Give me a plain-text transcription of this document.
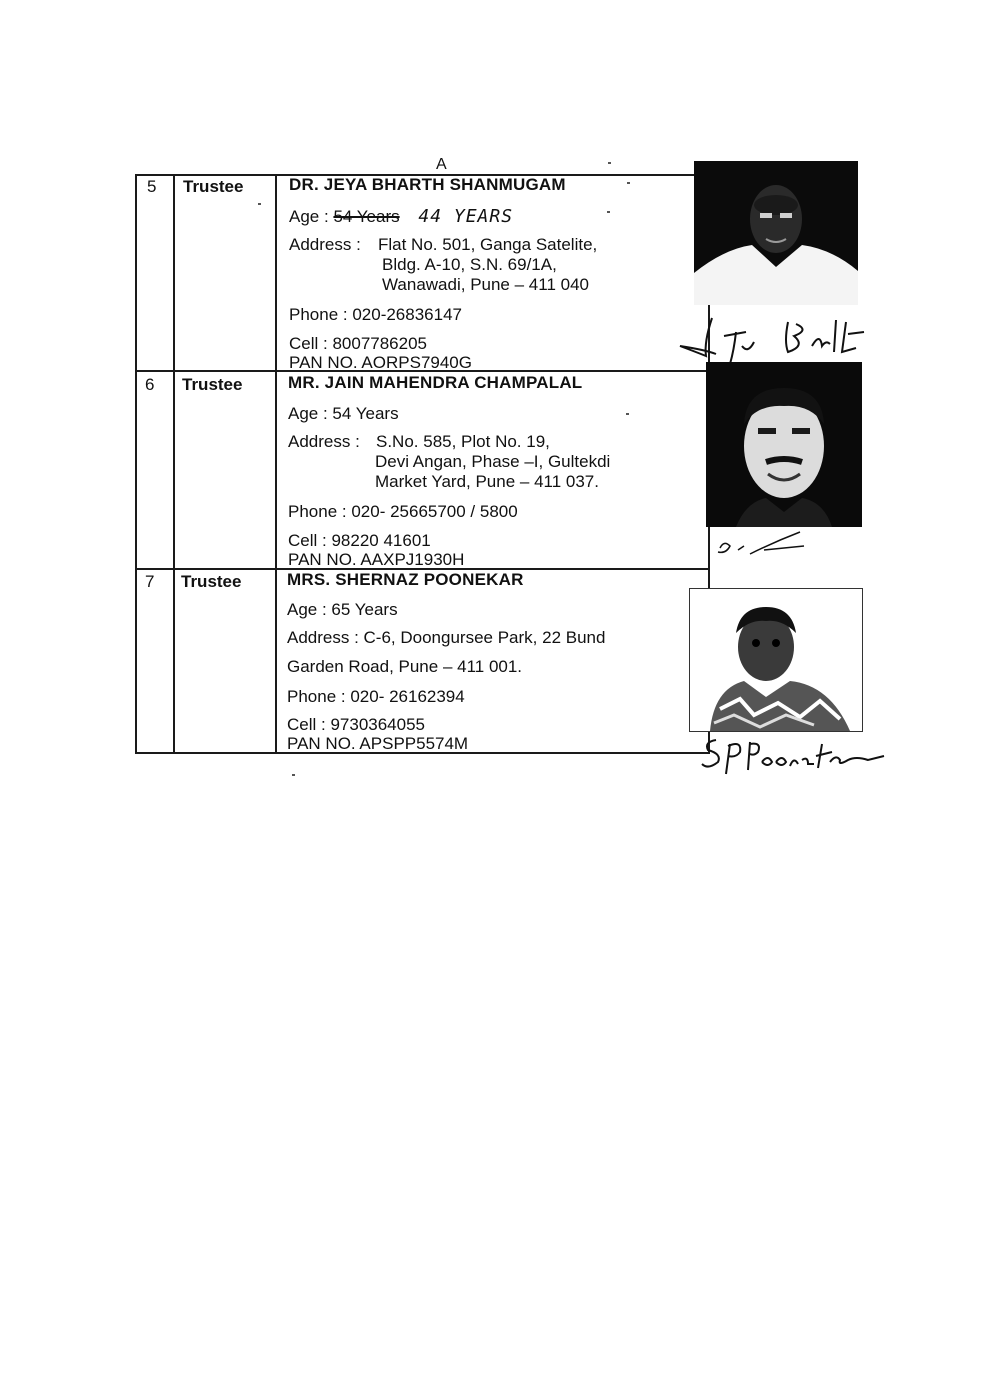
A
5 Trustee	DR. JEYA BHARTH SHANMUGAM
Age : 54 Years 44 YEARS
Address : Flat No. 501, Ganga Satelite,
Bldg. A-10, S.N. 69/1A,
Wanawadi, Pune – 411 040
Phone : 020-26836147
Cell : 8007786205
PAN NO. AORPS7940G
6 Trustee	MR. JAIN MAHENDRA CHAMPALAL
Age : 54 Years
Address : S.No. 585, Plot No. 19,
Devi Angan, Phase –I, Gultekdi
Market Yard, Pune – 411 037.
Phone : 020- 25665700 / 5800
Cell : 98220 41601
PAN NO. AAXPJ1930H
7 Trustee	MRS. SHERNAZ POONEKAR
Age : 65 Years
Address : C-6, Doongursee Park, 22 Bund
Garden Road, Pune – 411 001.
Phone : 020- 26162394
Cell : 9730364055
PAN NO. APSPP5574M
